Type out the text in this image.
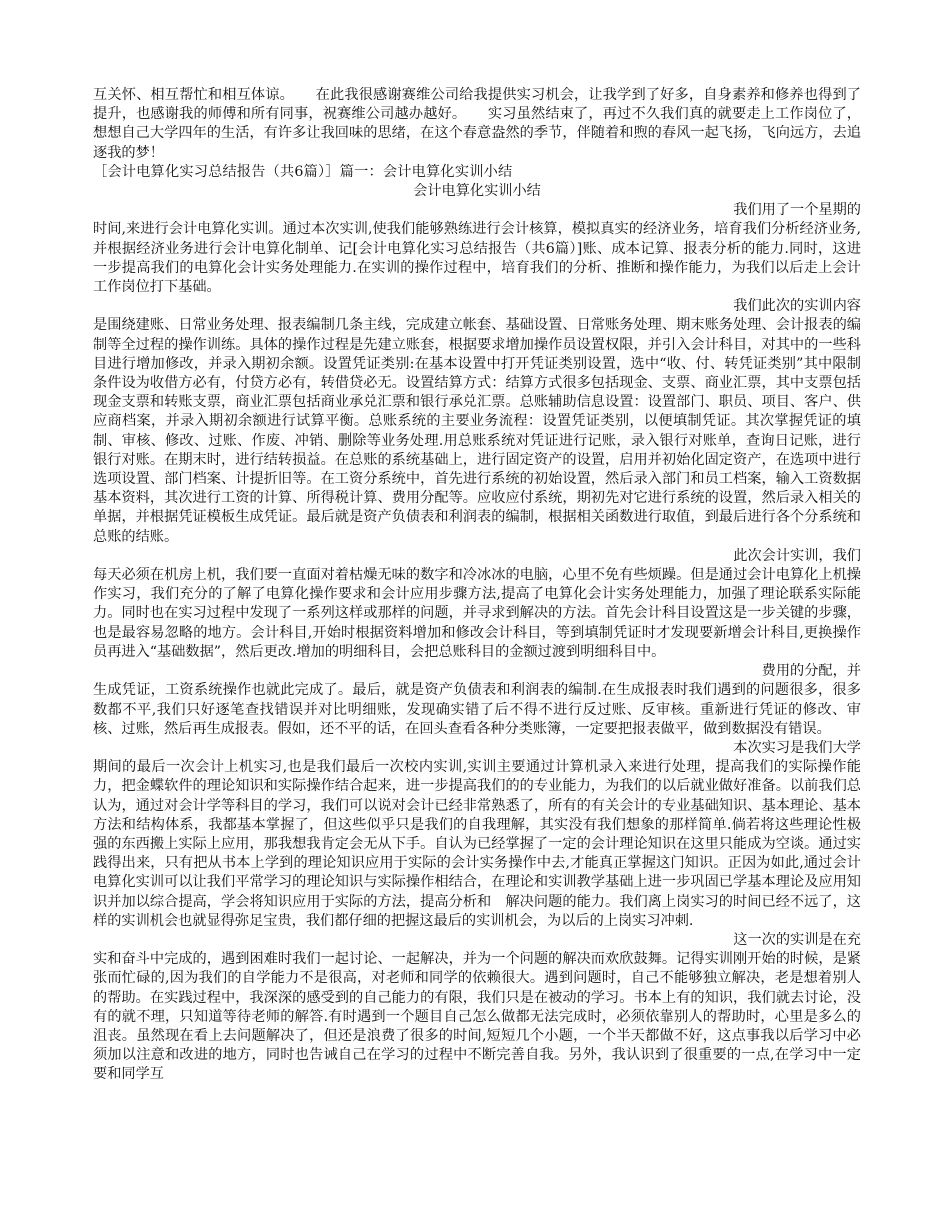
互关怀、相互帮忙和相互体谅。　　在此我很感谢赛维公司给我提供实习机会，让我学到了好多，自身素养和修养也得到了提升，也感谢我的师傅和所有同事，祝赛维公司越办越好。　　实习虽然结束了，再过不久我们真的就要走上工作岗位了，想想自己大学四年的生活，有许多让我回味的思绪，在这个春意盎然的季节，伴随着和煦的春风一起飞扬，飞向远方，去追逐我的梦！

［会计电算化实习总结报告（共6篇）］篇一：会计电算化实训小结

会计电算化实训小结

我们用了一个星期的

时间,来进行会计电算化实训。通过本次实训,使我们能够熟练进行会计核算，模拟真实的经济业务，培育我们分析经济业务,并根据经济业务进行会计电算化制单、记[会计电算化实习总结报告（共6篇）]账、成本记算、报表分析的能力.同时，这进一步提高我们的电算化会计实务处理能力.在实训的操作过程中，培育我们的分析、推断和操作能力，为我们以后走上会计工作岗位打下基础。

我们此次的实训内容

是围绕建账、日常业务处理、报表编制几条主线，完成建立帐套、基础设置、日常账务处理、期末账务处理、会计报表的编制等全过程的操作训练。具体的操作过程是先建立账套，根据要求增加操作员设置权限，并引入会计科目，对其中的一些科目进行增加修改，并录入期初余额。设置凭证类别:在基本设置中打开凭证类别设置，选中“收、付、转凭证类别”其中限制条件设为收借方必有，付贷方必有，转借贷必无。设置结算方式：结算方式很多包括现金、支票、商业汇票，其中支票包括现金支票和转账支票，商业汇票包括商业承兑汇票和银行承兑汇票。总账辅助信息设置：设置部门、职员、项目、客户、供应商档案，并录入期初余额进行试算平衡。总账系统的主要业务流程：设置凭证类别，以便填制凭证。其次掌握凭证的填制、审核、修改、过账、作废、冲销、删除等业务处理.用总账系统对凭证进行记账，录入银行对账单，查询日记账，进行银行对账。在期末时，进行结转损益。在总账的系统基础上，进行固定资产的设置，启用并初始化固定资产，在选项中进行选项设置、部门档案、计提折旧等。在工资分系统中，首先进行系统的初始设置，然后录入部门和员工档案，输入工资数据基本资料，其次进行工资的计算、所得税计算、费用分配等。应收应付系统，期初先对它进行系统的设置，然后录入相关的单据，并根据凭证模板生成凭证。最后就是资产负债表和利润表的编制，根据相关函数进行取值，到最后进行各个分系统和总账的结账。

此次会计实训，我们

每天必须在机房上机，我们要一直面对着枯燥无味的数字和冷冰冰的电脑，心里不免有些烦躁。但是通过会计电算化上机操作实习，我们充分的了解了电算化操作要求和会计应用步骤方法,提高了电算化会计实务处理能力，加强了理论联系实际能力。同时也在实习过程中发现了一系列这样或那样的问题，并寻求到解决的方法。首先会计科目设置这是一步关键的步骤，也是最容易忽略的地方。会计科目,开始时根据资料增加和修改会计科目，等到填制凭证时才发现要新增会计科目,更换操作员再进入“基础数据”，然后更改.增加的明细科目，会把总账科目的金额过渡到明细科目中。

费用的分配，并

生成凭证，工资系统操作也就此完成了。最后，就是资产负债表和利润表的编制.在生成报表时我们遇到的问题很多，很多数都不平,我们只好逐笔查找错误并对比明细账，发现确实错了后不得不进行反过账、反审核。重新进行凭证的修改、审核、过账，然后再生成报表。假如，还不平的话，在回头查看各种分类账簿，一定要把报表做平，做到数据没有错误。

本次实习是我们大学

期间的最后一次会计上机实习,也是我们最后一次校内实训,实训主要通过计算机录入来进行处理，提高我们的实际操作能力，把金蝶软件的理论知识和实际操作结合起来，进一步提高我们的的专业能力，为我们的以后就业做好准备。以前我们总认为，通过对会计学等科目的学习，我们可以说对会计已经非常熟悉了，所有的有关会计的专业基础知识、基本理论、基本方法和结构体系，我都基本掌握了，但这些似乎只是我们的自我理解，其实没有我们想象的那样简单.倘若将这些理论性极强的东西搬上实际上应用，那我想我肯定会无从下手。自认为已经掌握了一定的会计理论知识在这里只能成为空谈。通过实践得出来，只有把从书本上学到的理论知识应用于实际的会计实务操作中去,才能真正掌握这门知识。正因为如此,通过会计电算化实训可以让我们平常学习的理论知识与实际操作相结合，在理论和实训教学基础上进一步巩固已学基本理论及应用知识并加以综合提高，学会将知识应用于实际的方法，提高分析和　解决问题的能力。我们离上岗实习的时间已经不远了，这样的实训机会也就显得弥足宝贵，我们都仔细的把握这最后的实训机会，为以后的上岗实习冲刺.

这一次的实训是在充

实和奋斗中完成的，遇到困难时我们一起讨论、一起解决，并为一个问题的解决而欢欣鼓舞。记得实训刚开始的时候，是紧张而忙碌的,因为我们的自学能力不是很高，对老师和同学的依赖很大。遇到问题时，自己不能够独立解决，老是想着别人的帮助。在实践过程中，我深深的感受到的自己能力的有限，我们只是在被动的学习。书本上有的知识，我们就去讨论，没有的就不理，只知道等待老师的解答.有时遇到一个题目自己怎么做都无法完成时，必须依靠别人的帮助时，心里是多么的沮丧。虽然现在看上去问题解决了，但还是浪费了很多的时间,短短几个小题，一个半天都做不好，这点事我以后学习中必须加以注意和改进的地方，同时也告诫自己在学习的过程中不断完善自我。另外，我认识到了很重要的一点,在学习中一定要和同学互
